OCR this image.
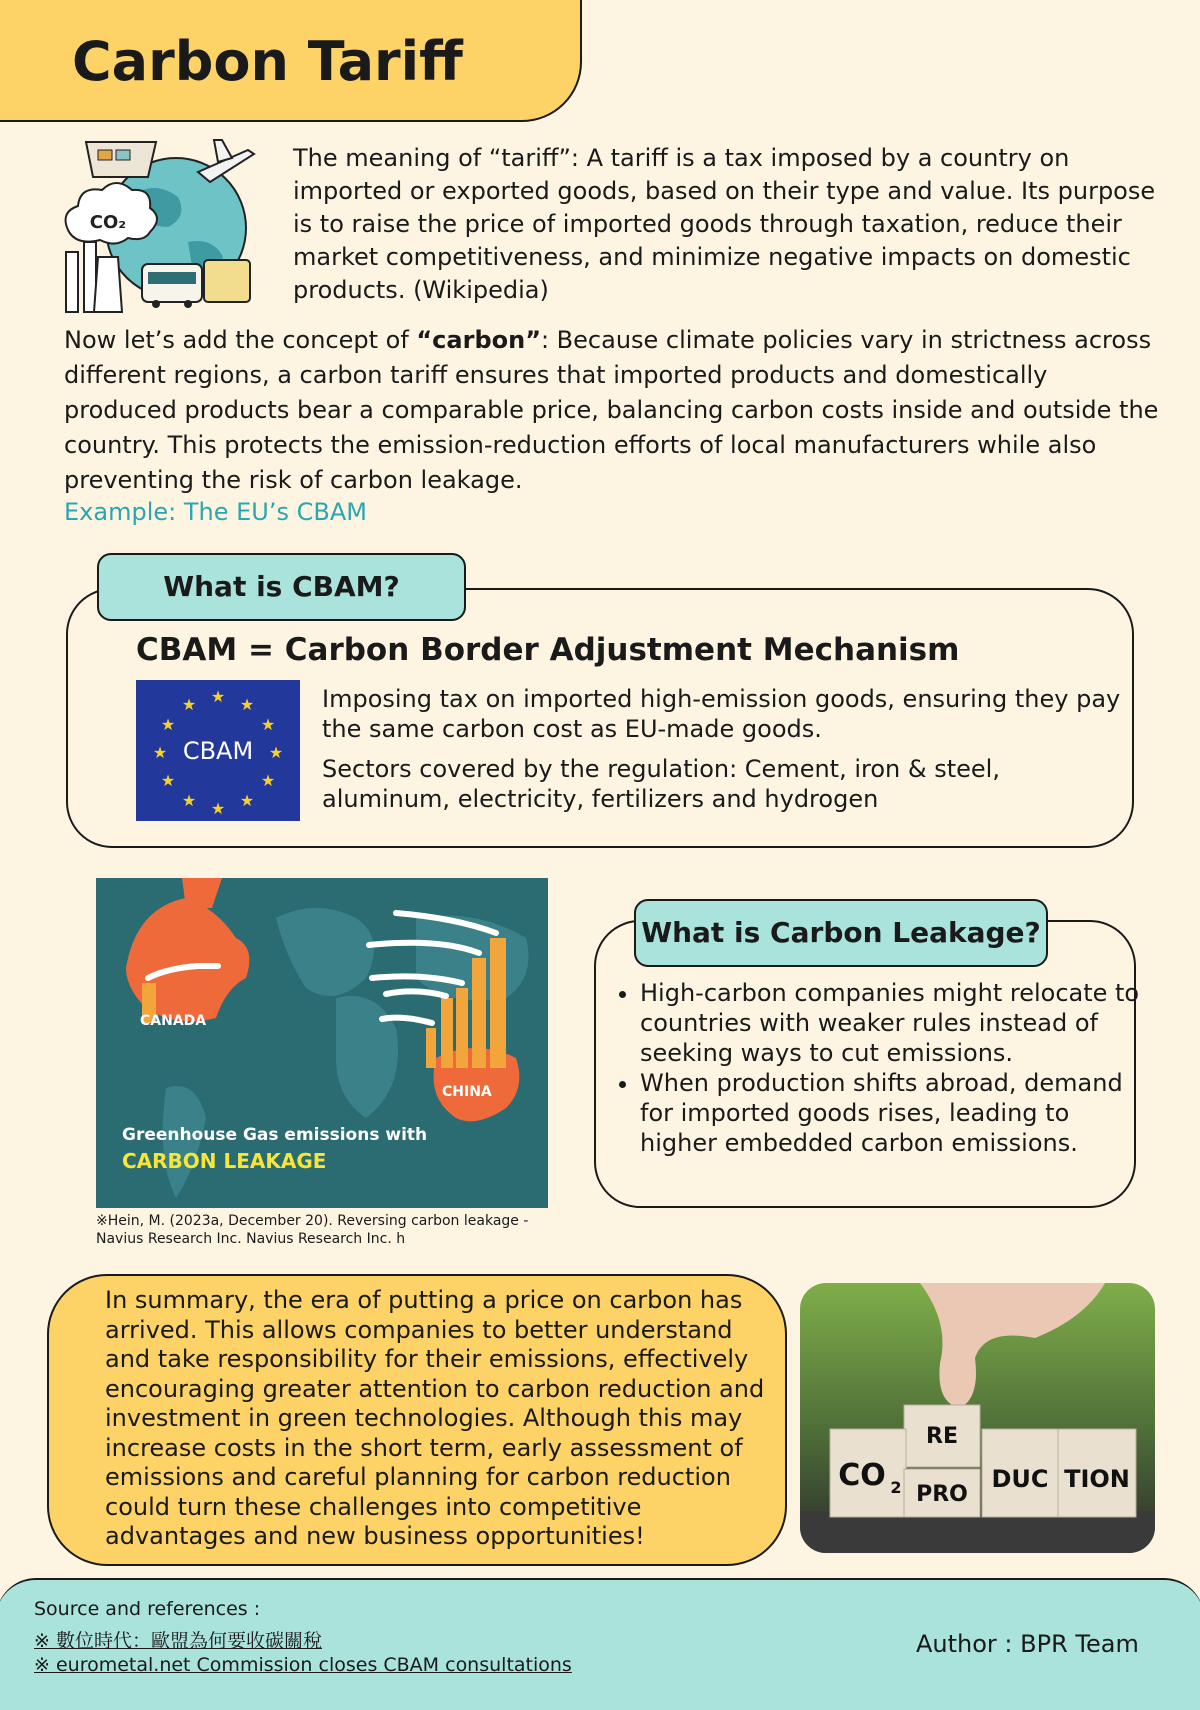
Carbon Tariff
CO₂
The meaning of “tariff”: A tariff is a tax imposed by a country on imported or exported goods, based on their type and value. Its purpose is to raise the price of imported goods through taxation, reduce their market competitiveness, and minimize negative impacts on domestic products. (Wikipedia)
Now let’s add the concept of “carbon”: Because climate policies vary in strictness across different regions, a carbon tariff ensures that imported products and domestically produced products bear a comparable price, balancing carbon costs inside and outside the country. This protects the emission-reduction efforts of local manufacturers while also preventing the risk of carbon leakage.
Example: The EU’s CBAM
What is CBAM?
CBAM = Carbon Border Adjustment Mechanism
★ ★
★
★
★
★
★
★
★
★
★
★
CBAM

Imposing tax on imported high-emission goods, ensuring they pay the same carbon cost as EU-made goods.

Sectors covered by the regulation: Cement, iron & steel, aluminum, electricity, fertilizers and hydrogen

CANADA
CHINA
Greenhouse Gas emissions with
CARBON LEAKAGE
※Hein, M. (2023a, December 20). Reversing carbon leakage - Navius Research Inc. Navius Research Inc. h
What is Carbon Leakage?
• High-carbon companies might relocate to countries with weaker rules instead of seeking ways to cut emissions.
• When production shifts abroad, demand for imported goods rises, leading to higher embedded carbon emissions.
In summary, the era of putting a price on carbon has arrived. This allows companies to better understand and take responsibility for their emissions, effectively encouraging greater attention to carbon reduction and investment in green technologies. Although this may increase costs in the short term, early assessment of emissions and careful planning for carbon reduction could turn these challenges into competitive advantages and new business opportunities!
RE
CO 2 PRO
DUC TION
Source and references :
※ 數位時代：歐盟為何要收碳關稅
※ eurometal.net Commission closes CBAM consultations
Author : BPR Team
